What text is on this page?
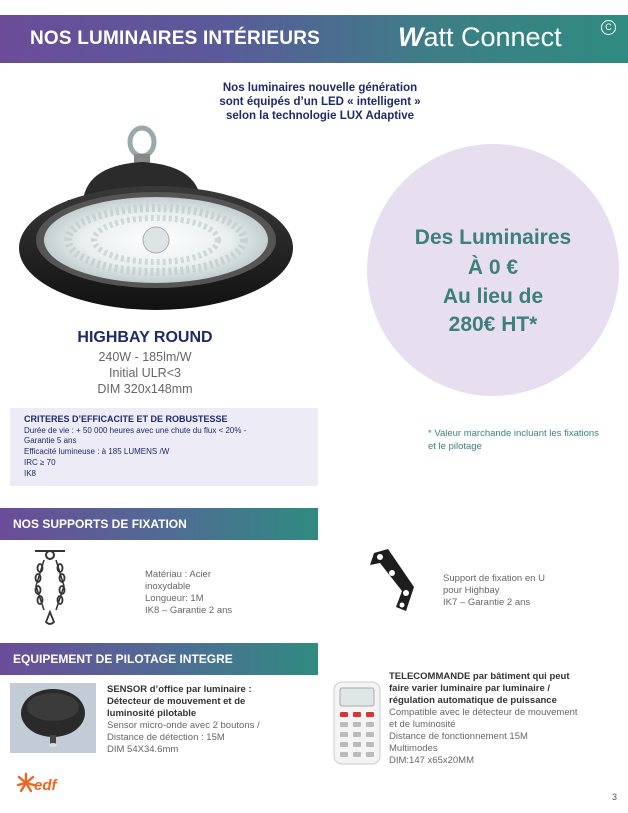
NOS LUMINAIRES INTÉRIEURS	Watt Connect	C
Nos luminaires nouvelle génération
sont équipés d’un LED « intelligent »
selon la technologie LUX Adaptive
HIGHBAY ROUND
240W - 185lm/W
Initial ULR<3
DIM 320x148mm
CRITERES D’EFFICACITE ET DE ROBUSTESSE
Durée de vie : + 50 000 heures avec une chute du flux < 20% -
Garantie 5 ans
Efficacité lumineuse : à 185 LUMENS /W
IRC ≥ 70
IK8
Des Luminaires
À 0 €
Au lieu de
280€ HT*
* Valeur marchande incluant les fixations et le pilotage
NOS SUPPORTS DE FIXATION
Matériau : Acier
inoxydable
Longueur: 1M
IK8 – Garantie 2 ans
Support de fixation en U
pour Highbay
IK7 – Garantie 2 ans
EQUIPEMENT DE PILOTAGE INTEGRE
SENSOR d’office par luminaire :
Détecteur de mouvement et de
luminosité pilotable
Sensor micro-onde avec 2 boutons /
Distance de détection : 15M
DIM 54X34.6mm
TELECOMMANDE par bâtiment qui peut
faire varier luminaire par luminaire /
régulation automatique de puissance
Compatible avec le détecteur de mouvement
et de luminosité
Distance de fonctionnement 15M
Multimodes
DIM:147 x65x20MM
edf
3
